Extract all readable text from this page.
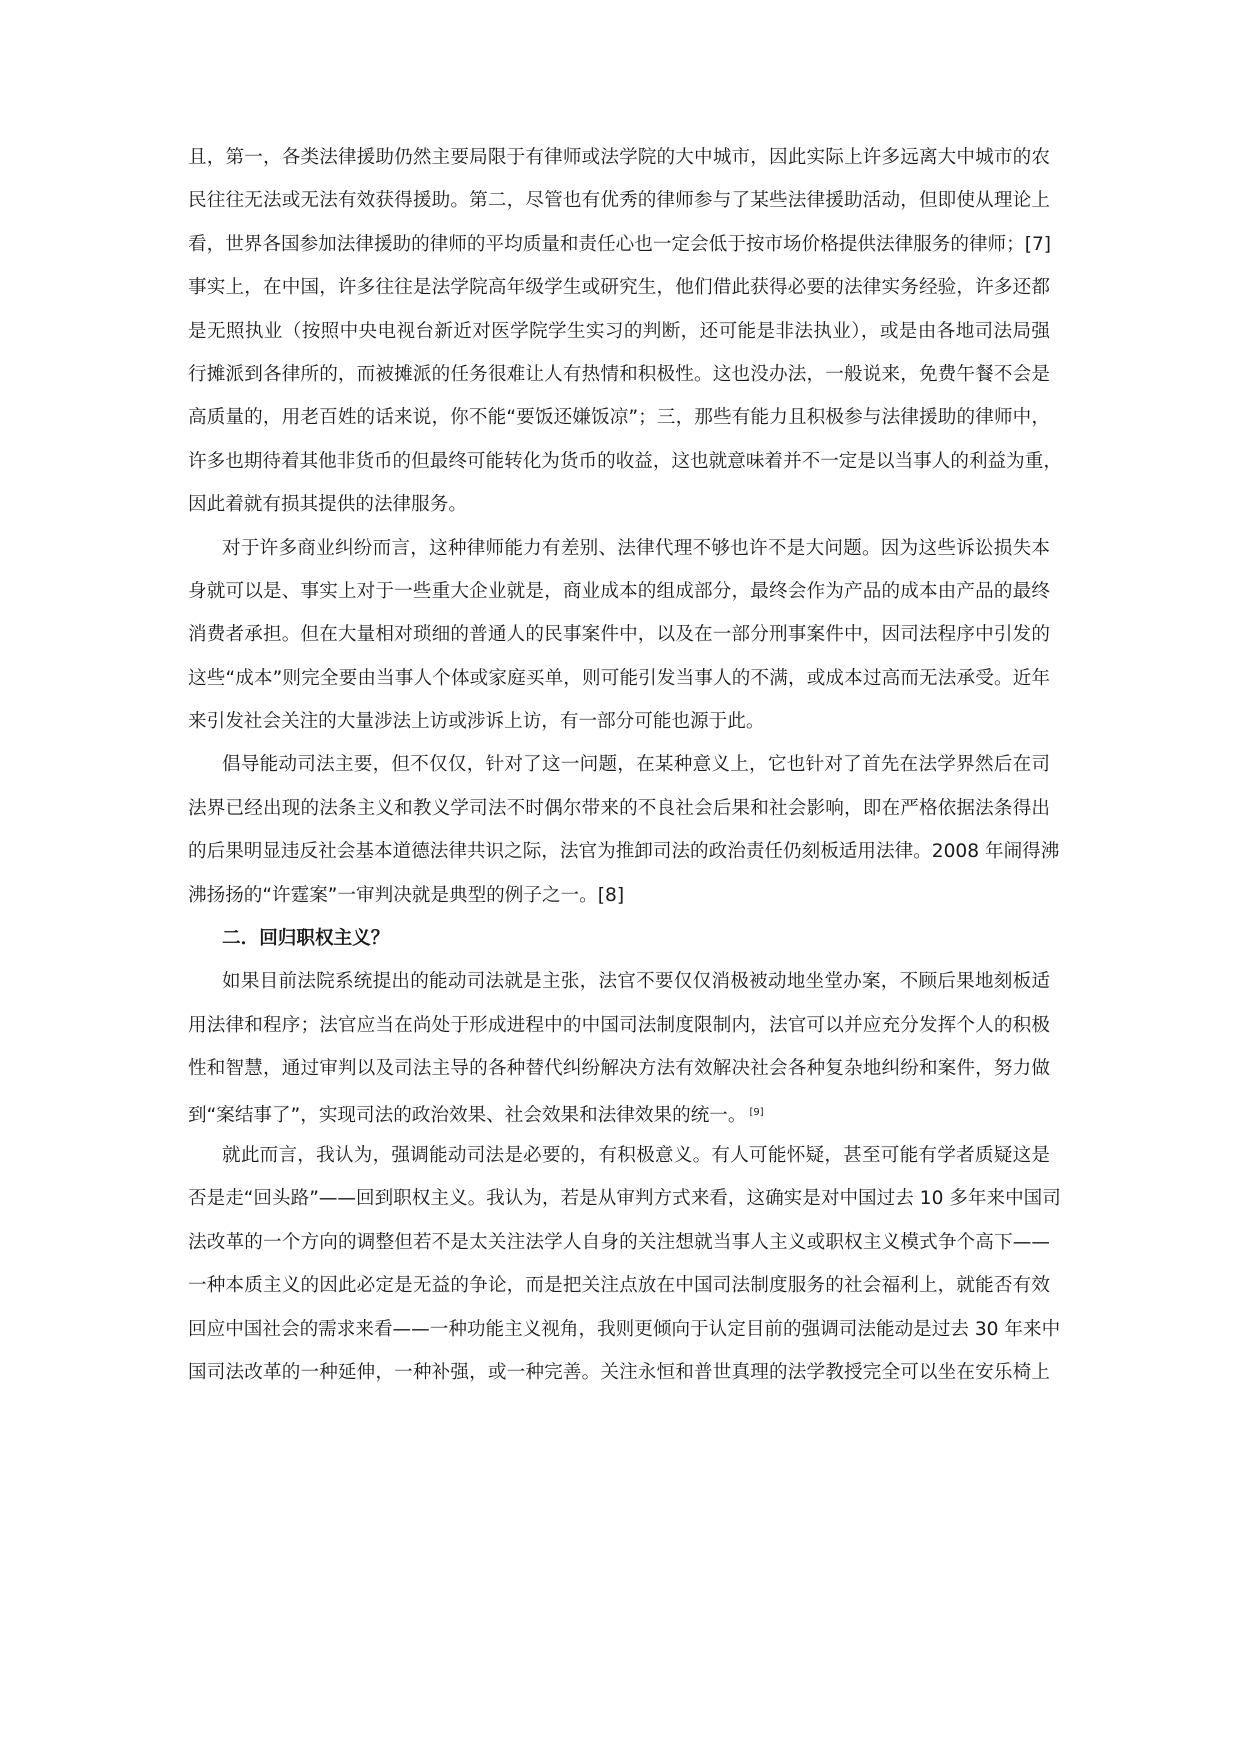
且，第一，各类法律援助仍然主要局限于有律师或法学院的大中城市，因此实际上许多远离大中城市的农
民往往无法或无法有效获得援助。第二，尽管也有优秀的律师参与了某些法律援助活动，但即使从理论上
看，世界各国参加法律援助的律师的平均质量和责任心也一定会低于按市场价格提供法律服务的律师；[7]
事实上，在中国，许多往往是法学院高年级学生或研究生，他们借此获得必要的法律实务经验，许多还都
是无照执业（按照中央电视台新近对医学院学生实习的判断，还可能是非法执业），或是由各地司法局强
行摊派到各律所的，而被摊派的任务很难让人有热情和积极性。这也没办法，一般说来，免费午餐不会是
高质量的，用老百姓的话来说，你不能“要饭还嫌饭凉”；三，那些有能力且积极参与法律援助的律师中，
许多也期待着其他非货币的但最终可能转化为货币的收益，这也就意味着并不一定是以当事人的利益为重，
因此着就有损其提供的法律服务。
对于许多商业纠纷而言，这种律师能力有差别、法律代理不够也许不是大问题。因为这些诉讼损失本
身就可以是、事实上对于一些重大企业就是，商业成本的组成部分，最终会作为产品的成本由产品的最终
消费者承担。但在大量相对琐细的普通人的民事案件中，以及在一部分刑事案件中，因司法程序中引发的
这些“成本”则完全要由当事人个体或家庭买单，则可能引发当事人的不满，或成本过高而无法承受。近年
来引发社会关注的大量涉法上访或涉诉上访，有一部分可能也源于此。
倡导能动司法主要，但不仅仅，针对了这一问题，在某种意义上，它也针对了首先在法学界然后在司
法界已经出现的法条主义和教义学司法不时偶尔带来的不良社会后果和社会影响，即在严格依据法条得出
的后果明显违反社会基本道德法律共识之际，法官为推卸司法的政治责任仍刻板适用法律。2008 年闹得沸
沸扬扬的“许霆案”一审判决就是典型的例子之一。[8]
二．回归职权主义？
如果目前法院系统提出的能动司法就是主张，法官不要仅仅消极被动地坐堂办案，不顾后果地刻板适
用法律和程序；法官应当在尚处于形成进程中的中国司法制度限制内，法官可以并应充分发挥个人的积极
性和智慧，通过审判以及司法主导的各种替代纠纷解决方法有效解决社会各种复杂地纠纷和案件，努力做
到“案结事了”，实现司法的政治效果、社会效果和法律效果的统一。 [9]
就此而言，我认为，强调能动司法是必要的，有积极意义。有人可能怀疑，甚至可能有学者质疑这是
否是走“回头路”——回到职权主义。我认为，若是从审判方式来看，这确实是对中国过去 10 多年来中国司
法改革的一个方向的调整但若不是太关注法学人自身的关注想就当事人主义或职权主义模式争个高下——
一种本质主义的因此必定是无益的争论，而是把关注点放在中国司法制度服务的社会福利上，就能否有效
回应中国社会的需求来看——一种功能主义视角，我则更倾向于认定目前的强调司法能动是过去 30 年来中
国司法改革的一种延伸，一种补强，或一种完善。关注永恒和普世真理的法学教授完全可以坐在安乐椅上
